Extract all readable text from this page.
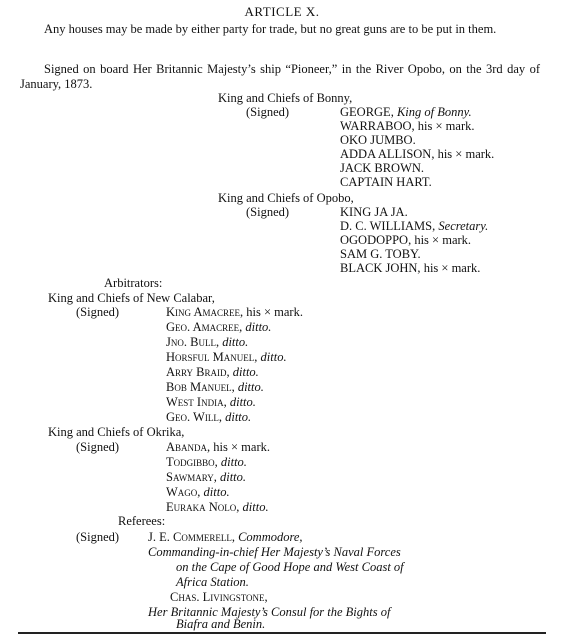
ARTICLE X.
Any houses may be made by either party for trade, but no great guns are to be put in them.
Signed on board Her Britannic Majesty’s ship “Pioneer,” in the River Opobo, on the 3rd day of January, 1873.
King and Chiefs of Bonny,
(Signed)	GEORGE, King of Bonny.
WARRABOO, his × mark.
OKO JUMBO.
ADDA ALLISON, his × mark.
JACK BROWN.
CAPTAIN HART.
King and Chiefs of Opobo,
(Signed)	KING JA JA.
D. C. WILLIAMS, Secretary.
OGODOPPO, his × mark.
SAM G. TOBY.
BLACK JOHN, his × mark.
Arbitrators:
King and Chiefs of New Calabar,
(Signed)	King Amacree, his × mark.
Geo. Amacree, ditto.
Jno. Bull, ditto.
Horsful Manuel, ditto.
Arry Braid, ditto.
Bob Manuel, ditto.
West India, ditto.
Geo. Will, ditto.
King and Chiefs of Okrika,
(Signed)	Abanda, his × mark.
Todgibbo, ditto.
Sawmary, ditto.
Wago, ditto.
Euraka Nolo, ditto.
Referees:
(Signed) J. E. Commerell, Commodore,
Commanding-in-chief Her Majesty’s Naval Forces
on the Cape of Good Hope and West Coast of
Africa Station.
Chas. Livingstone,
Her Britannic Majesty’s Consul for the Bights of
Biafra and Benin.
